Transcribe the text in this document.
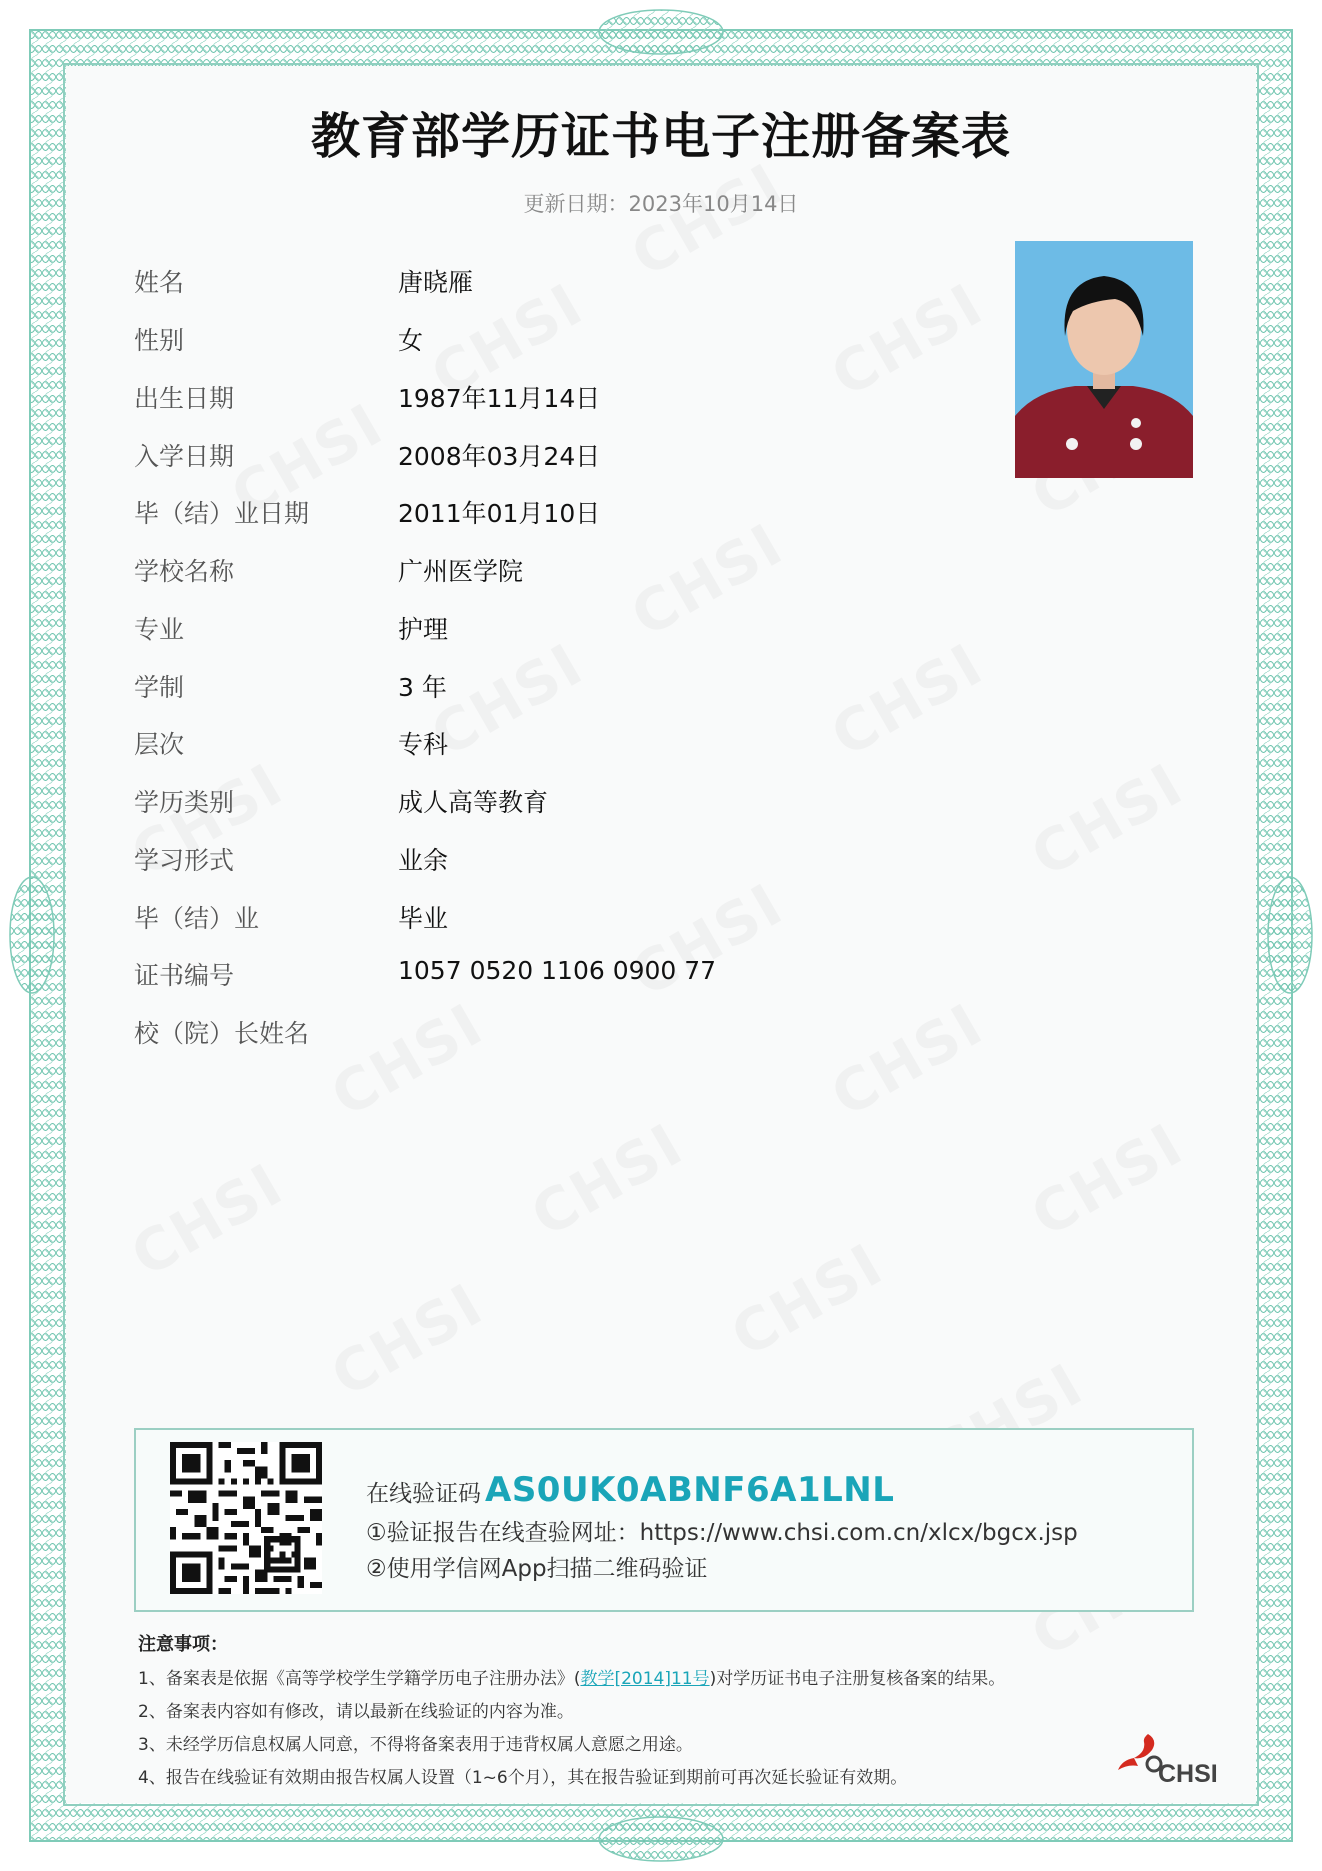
教育部学历证书电子注册备案表
更新日期：2023年10月14日
姓名	唐晓雁
性别	女
出生日期	1987年11月14日
入学日期	2008年03月24日
毕（结）业日期	2011年01月10日
学校名称	广州医学院
专业	护理
学制	3 年
层次	专科
学历类别	成人高等教育
学习形式	业余
毕（结）业	毕业
证书编号	1057 0520 1106 0900 77
校（院）长姓名
在线验证码 AS0UK0ABNF6A1LNL
①验证报告在线查验网址：https://www.chsi.com.cn/xlcx/bgcx.jsp
②使用学信网App扫描二维码验证
注意事项：
1、备案表是依据《高等学校学生学籍学历电子注册办法》(教学[2014]11号)对学历证书电子注册复核备案的结果。
2、备案表内容如有修改，请以最新在线验证的内容为准。
3、未经学历信息权属人同意，不得将备案表用于违背权属人意愿之用途。
4、报告在线验证有效期由报告权属人设置（1~6个月），其在报告验证到期前可再次延长验证有效期。	CHSI
